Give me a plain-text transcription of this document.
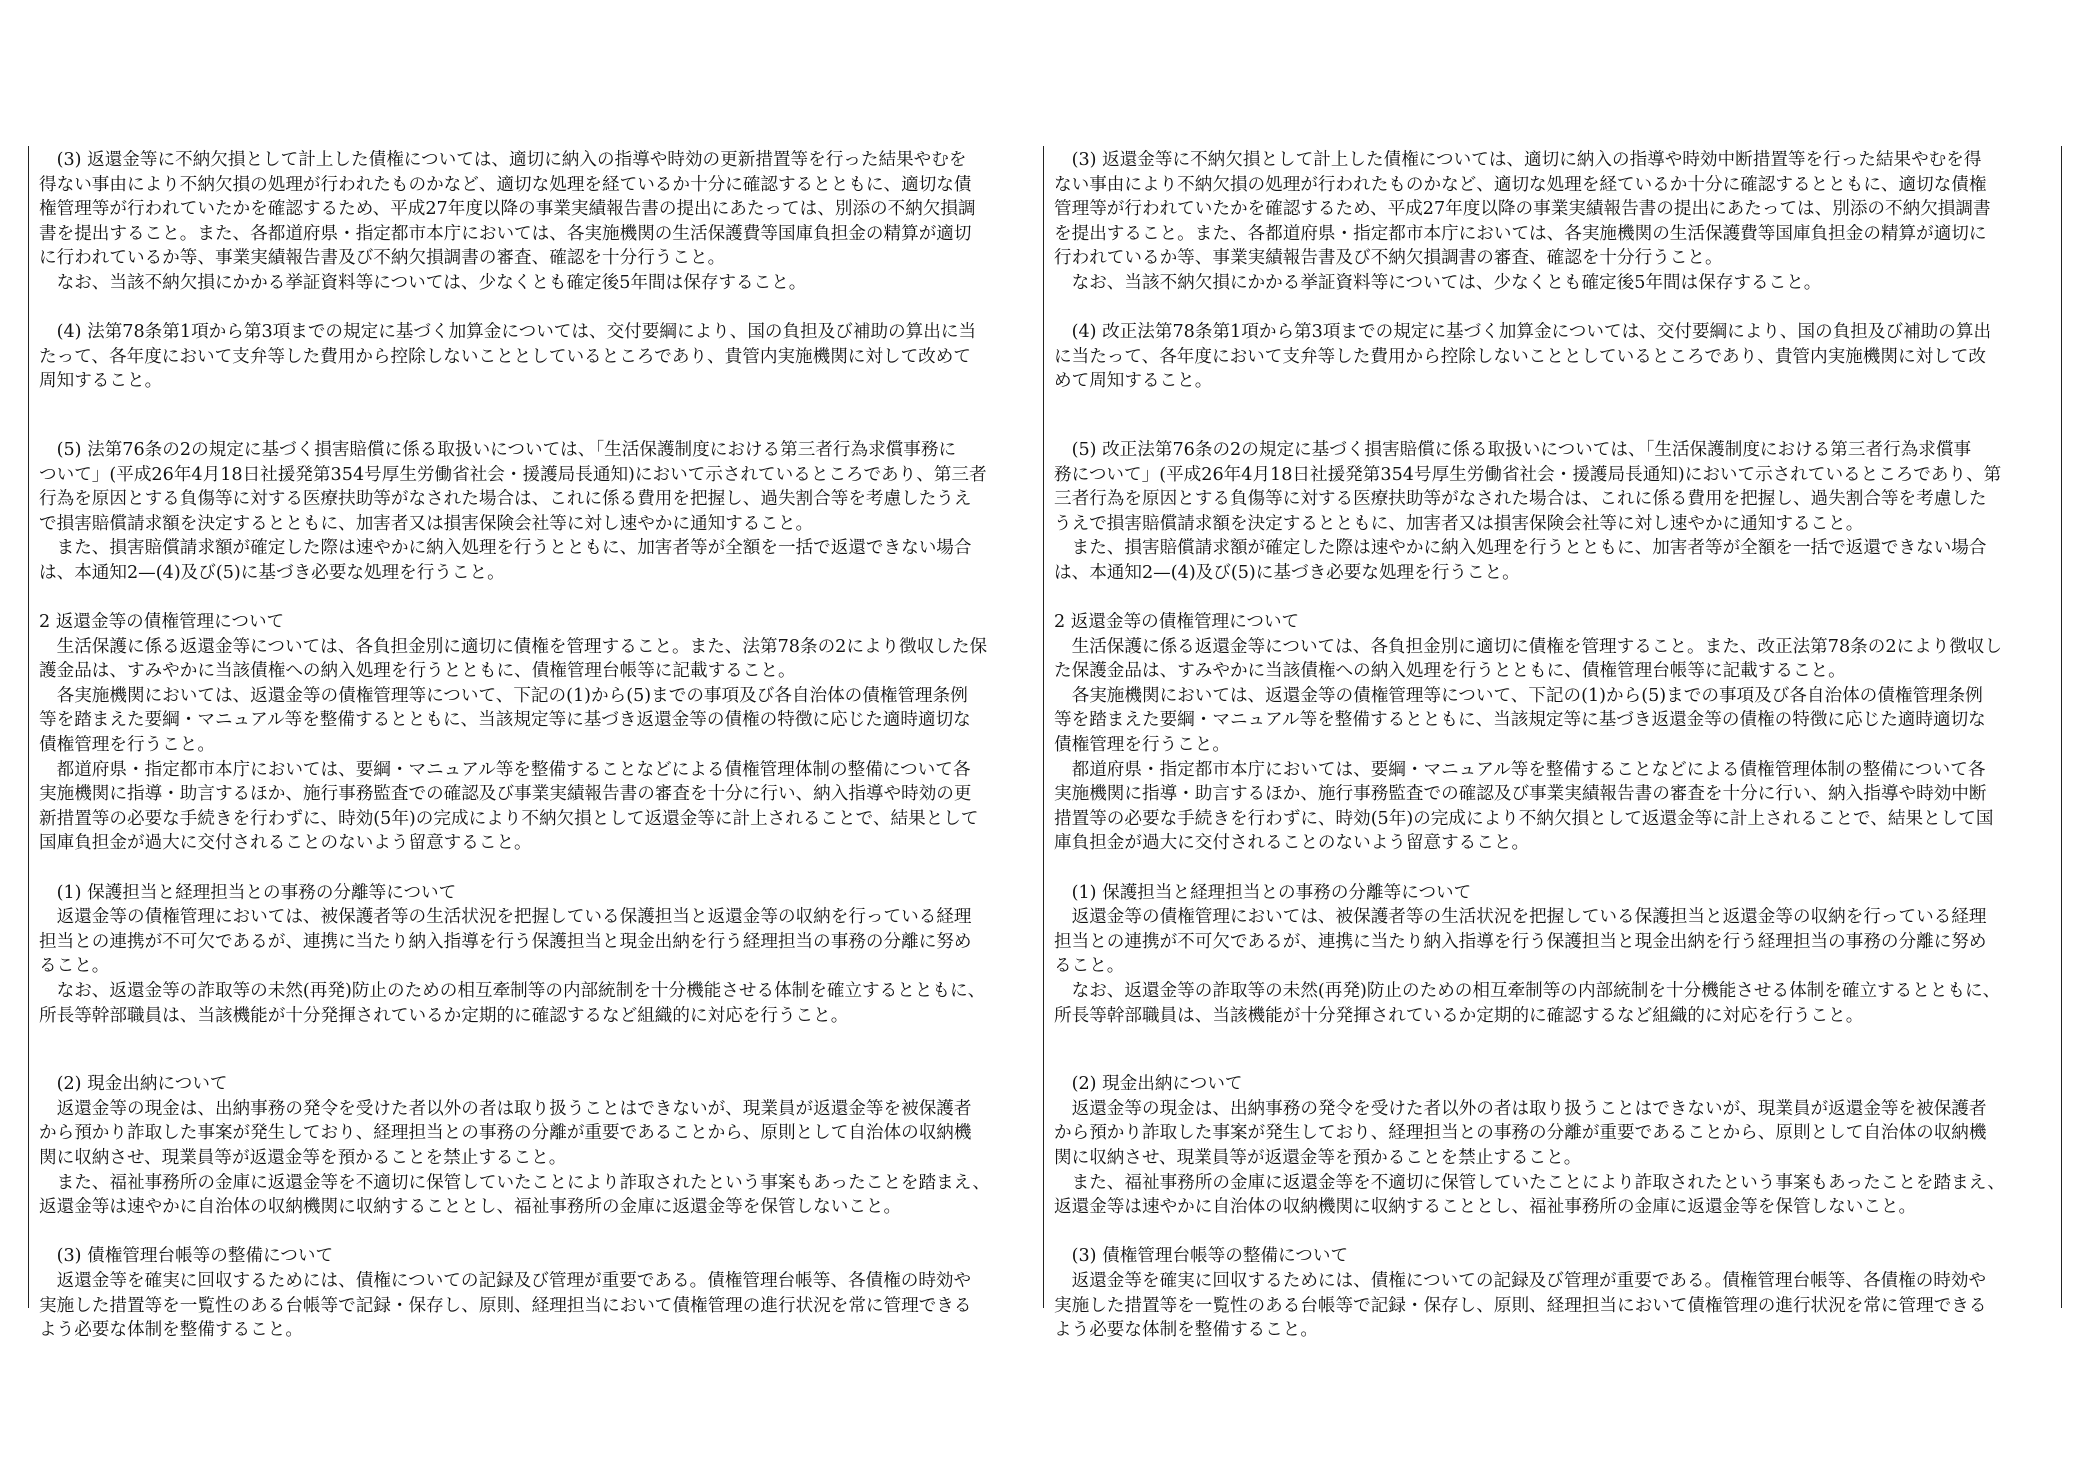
　(3) 返還金等に不納欠損として計上した債権については、適切に納入の指導や時効の更新措置等を行った結果やむを
得ない事由により不納欠損の処理が行われたものかなど、適切な処理を経ているか十分に確認するとともに、適切な債
権管理等が行われていたかを確認するため、平成27年度以降の事業実績報告書の提出にあたっては、別添の不納欠損調
書を提出すること。また、各都道府県・指定都市本庁においては、各実施機関の生活保護費等国庫負担金の精算が適切
に行われているか等、事業実績報告書及び不納欠損調書の審査、確認を十分行うこと。
　なお、当該不納欠損にかかる挙証資料等については、少なくとも確定後5年間は保存すること。
　(4) 法第78条第1項から第3項までの規定に基づく加算金については、交付要綱により、国の負担及び補助の算出に当
たって、各年度において支弁等した費用から控除しないこととしているところであり、貴管内実施機関に対して改めて
周知すること。
　(5) 法第76条の2の規定に基づく損害賠償に係る取扱いについては、「生活保護制度における第三者行為求償事務に
ついて」(平成26年4月18日社援発第354号厚生労働省社会・援護局長通知)において示されているところであり、第三者
行為を原因とする負傷等に対する医療扶助等がなされた場合は、これに係る費用を把握し、過失割合等を考慮したうえ
で損害賠償請求額を決定するとともに、加害者又は損害保険会社等に対し速やかに通知すること。
　また、損害賠償請求額が確定した際は速やかに納入処理を行うとともに、加害者等が全額を一括で返還できない場合
は、本通知2—(4)及び(5)に基づき必要な処理を行うこと。
2 返還金等の債権管理について
　生活保護に係る返還金等については、各負担金別に適切に債権を管理すること。また、法第78条の2により徴収した保
護金品は、すみやかに当該債権への納入処理を行うとともに、債権管理台帳等に記載すること。
　各実施機関においては、返還金等の債権管理等について、下記の(1)から(5)までの事項及び各自治体の債権管理条例
等を踏まえた要綱・マニュアル等を整備するとともに、当該規定等に基づき返還金等の債権の特徴に応じた適時適切な
債権管理を行うこと。
　都道府県・指定都市本庁においては、要綱・マニュアル等を整備することなどによる債権管理体制の整備について各
実施機関に指導・助言するほか、施行事務監査での確認及び事業実績報告書の審査を十分に行い、納入指導や時効の更
新措置等の必要な手続きを行わずに、時効(5年)の完成により不納欠損として返還金等に計上されることで、結果として
国庫負担金が過大に交付されることのないよう留意すること。
　(1) 保護担当と経理担当との事務の分離等について
　返還金等の債権管理においては、被保護者等の生活状況を把握している保護担当と返還金等の収納を行っている経理
担当との連携が不可欠であるが、連携に当たり納入指導を行う保護担当と現金出納を行う経理担当の事務の分離に努め
ること。
　なお、返還金等の詐取等の未然(再発)防止のための相互牽制等の内部統制を十分機能させる体制を確立するとともに、
所長等幹部職員は、当該機能が十分発揮されているか定期的に確認するなど組織的に対応を行うこと。
　(2) 現金出納について
　返還金等の現金は、出納事務の発令を受けた者以外の者は取り扱うことはできないが、現業員が返還金等を被保護者
から預かり詐取した事案が発生しており、経理担当との事務の分離が重要であることから、原則として自治体の収納機
関に収納させ、現業員等が返還金等を預かることを禁止すること。
　また、福祉事務所の金庫に返還金等を不適切に保管していたことにより詐取されたという事案もあったことを踏まえ、
返還金等は速やかに自治体の収納機関に収納することとし、福祉事務所の金庫に返還金等を保管しないこと。
　(3) 債権管理台帳等の整備について
　返還金等を確実に回収するためには、債権についての記録及び管理が重要である。債権管理台帳等、各債権の時効や
実施した措置等を一覧性のある台帳等で記録・保存し、原則、経理担当において債権管理の進行状況を常に管理できる
よう必要な体制を整備すること。
　(3) 返還金等に不納欠損として計上した債権については、適切に納入の指導や時効中断措置等を行った結果やむを得
ない事由により不納欠損の処理が行われたものかなど、適切な処理を経ているか十分に確認するとともに、適切な債権
管理等が行われていたかを確認するため、平成27年度以降の事業実績報告書の提出にあたっては、別添の不納欠損調書
を提出すること。また、各都道府県・指定都市本庁においては、各実施機関の生活保護費等国庫負担金の精算が適切に
行われているか等、事業実績報告書及び不納欠損調書の審査、確認を十分行うこと。
　なお、当該不納欠損にかかる挙証資料等については、少なくとも確定後5年間は保存すること。
　(4) 改正法第78条第1項から第3項までの規定に基づく加算金については、交付要綱により、国の負担及び補助の算出
に当たって、各年度において支弁等した費用から控除しないこととしているところであり、貴管内実施機関に対して改
めて周知すること。
　(5) 改正法第76条の2の規定に基づく損害賠償に係る取扱いについては、「生活保護制度における第三者行為求償事
務について」(平成26年4月18日社援発第354号厚生労働省社会・援護局長通知)において示されているところであり、第
三者行為を原因とする負傷等に対する医療扶助等がなされた場合は、これに係る費用を把握し、過失割合等を考慮した
うえで損害賠償請求額を決定するとともに、加害者又は損害保険会社等に対し速やかに通知すること。
　また、損害賠償請求額が確定した際は速やかに納入処理を行うとともに、加害者等が全額を一括で返還できない場合
は、本通知2—(4)及び(5)に基づき必要な処理を行うこと。
2 返還金等の債権管理について
　生活保護に係る返還金等については、各負担金別に適切に債権を管理すること。また、改正法第78条の2により徴収し
た保護金品は、すみやかに当該債権への納入処理を行うとともに、債権管理台帳等に記載すること。
　各実施機関においては、返還金等の債権管理等について、下記の(1)から(5)までの事項及び各自治体の債権管理条例
等を踏まえた要綱・マニュアル等を整備するとともに、当該規定等に基づき返還金等の債権の特徴に応じた適時適切な
債権管理を行うこと。
　都道府県・指定都市本庁においては、要綱・マニュアル等を整備することなどによる債権管理体制の整備について各
実施機関に指導・助言するほか、施行事務監査での確認及び事業実績報告書の審査を十分に行い、納入指導や時効中断
措置等の必要な手続きを行わずに、時効(5年)の完成により不納欠損として返還金等に計上されることで、結果として国
庫負担金が過大に交付されることのないよう留意すること。
　(1) 保護担当と経理担当との事務の分離等について
　返還金等の債権管理においては、被保護者等の生活状況を把握している保護担当と返還金等の収納を行っている経理
担当との連携が不可欠であるが、連携に当たり納入指導を行う保護担当と現金出納を行う経理担当の事務の分離に努め
ること。
　なお、返還金等の詐取等の未然(再発)防止のための相互牽制等の内部統制を十分機能させる体制を確立するとともに、
所長等幹部職員は、当該機能が十分発揮されているか定期的に確認するなど組織的に対応を行うこと。
　(2) 現金出納について
　返還金等の現金は、出納事務の発令を受けた者以外の者は取り扱うことはできないが、現業員が返還金等を被保護者
から預かり詐取した事案が発生しており、経理担当との事務の分離が重要であることから、原則として自治体の収納機
関に収納させ、現業員等が返還金等を預かることを禁止すること。
　また、福祉事務所の金庫に返還金等を不適切に保管していたことにより詐取されたという事案もあったことを踏まえ、
返還金等は速やかに自治体の収納機関に収納することとし、福祉事務所の金庫に返還金等を保管しないこと。
　(3) 債権管理台帳等の整備について
　返還金等を確実に回収するためには、債権についての記録及び管理が重要である。債権管理台帳等、各債権の時効や
実施した措置等を一覧性のある台帳等で記録・保存し、原則、経理担当において債権管理の進行状況を常に管理できる
よう必要な体制を整備すること。
